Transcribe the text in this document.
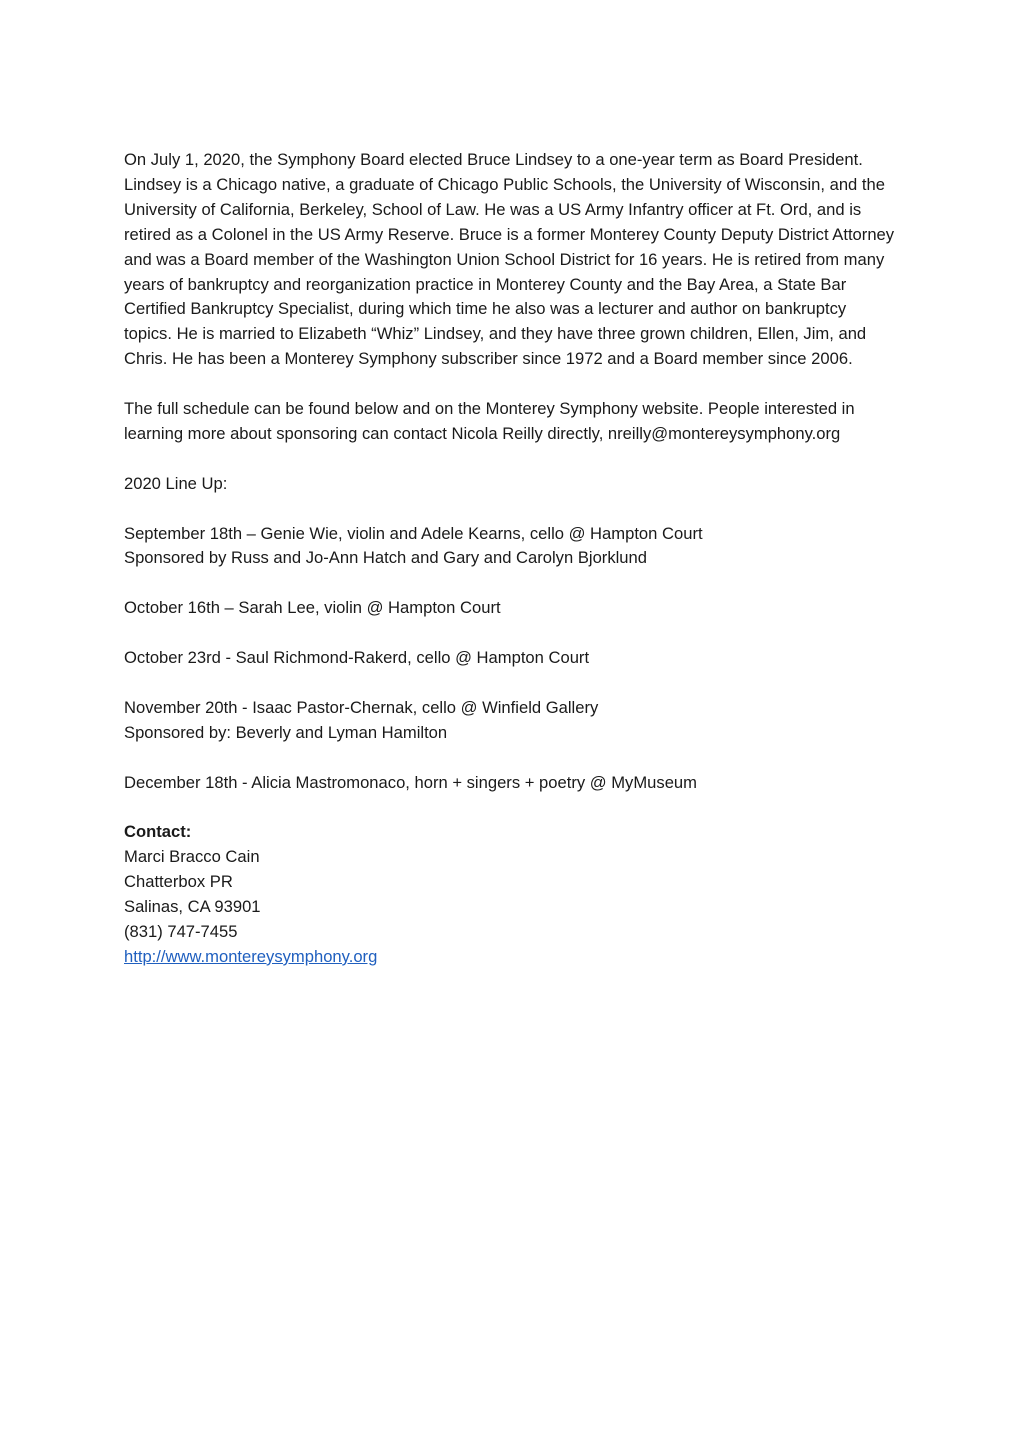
On July 1, 2020, the Symphony Board elected Bruce Lindsey to a one-year term as Board President. Lindsey is a Chicago native, a graduate of Chicago Public Schools, the University of Wisconsin, and the University of California, Berkeley, School of Law. He was a US Army Infantry officer at Ft. Ord, and is retired as a Colonel in the US Army Reserve. Bruce is a former Monterey County Deputy District Attorney and was a Board member of the Washington Union School District for 16 years. He is retired from many years of bankruptcy and reorganization practice in Monterey County and the Bay Area, a State Bar Certified Bankruptcy Specialist, during which time he also was a lecturer and author on bankruptcy topics. He is married to Elizabeth “Whiz” Lindsey, and they have three grown children, Ellen, Jim, and Chris. He has been a Monterey Symphony subscriber since 1972 and a Board member since 2006.

The full schedule can be found below and on the Monterey Symphony website. People interested in learning more about sponsoring can contact Nicola Reilly directly, nreilly@montereysymphony.org

2020 Line Up:

September 18th – Genie Wie, violin and Adele Kearns, cello @ Hampton Court
Sponsored by Russ and Jo-Ann Hatch and Gary and Carolyn Bjorklund

October 16th – Sarah Lee, violin @ Hampton Court

October 23rd - Saul Richmond-Rakerd, cello @ Hampton Court

November 20th - Isaac Pastor-Chernak, cello @ Winfield Gallery
Sponsored by: Beverly and Lyman Hamilton

December 18th - Alicia Mastromonaco, horn + singers + poetry @ MyMuseum

Contact:
Marci Bracco Cain
Chatterbox PR
Salinas, CA 93901
(831) 747-7455
http://www.montereysymphony.org
